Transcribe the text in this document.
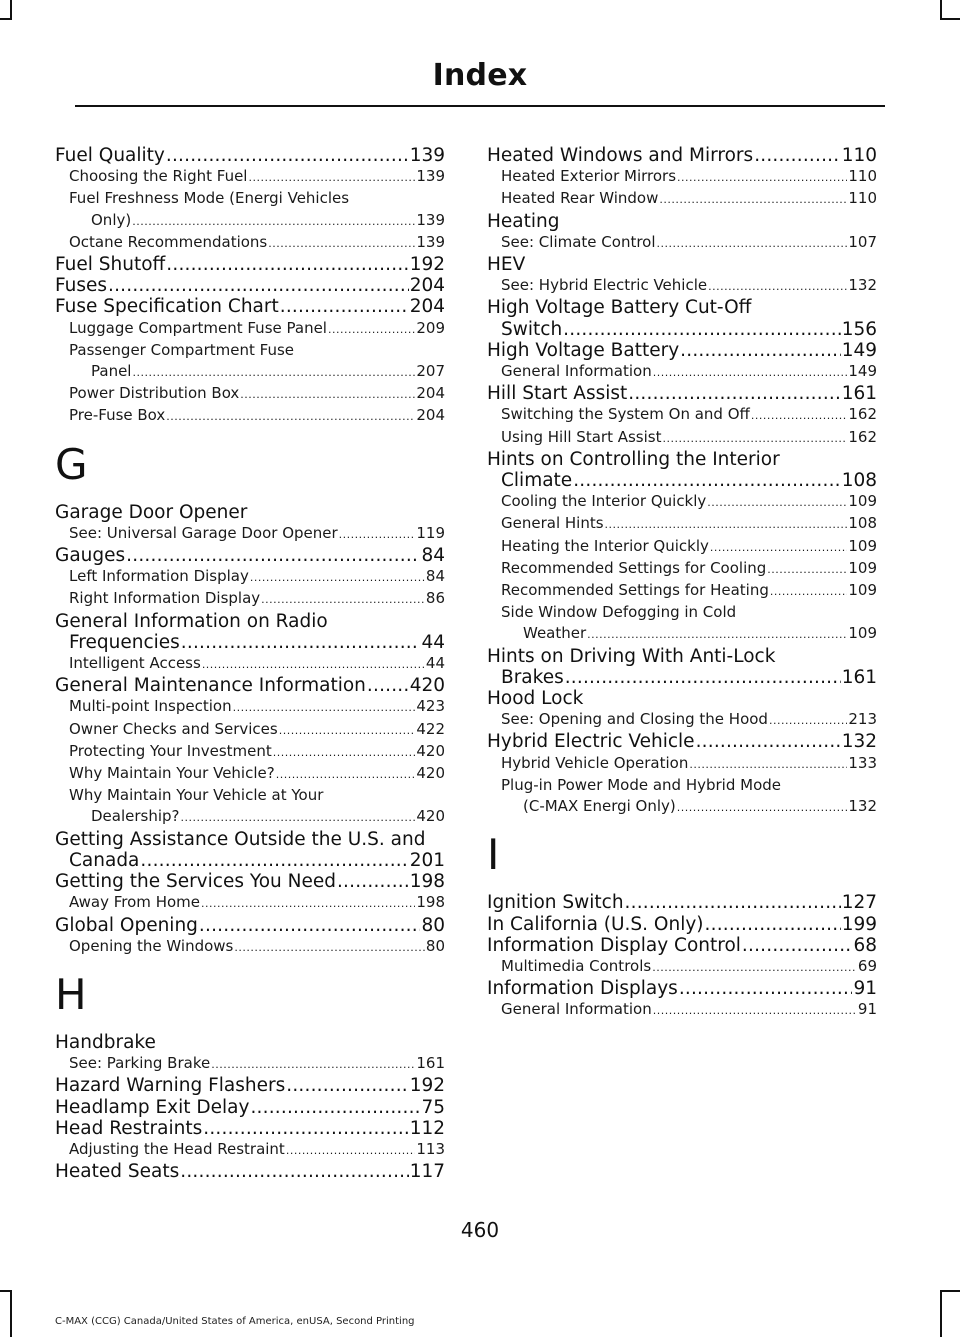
Index
Fuel Quality .....	139
Choosing the Right Fuel .....	139
Fuel Freshness Mode (Energi Vehicles
Only) .....	139
Octane Recommendations .....	139
Fuel Shutoff .....	192
Fuses .....	204
Fuse Specification Chart .....	204
Luggage Compartment Fuse Panel .....	209
Passenger Compartment Fuse
Panel .....	207
Power Distribution Box .....	204
Pre-Fuse Box .....	204
G
Garage Door Opener
See: Universal Garage Door Opener .....	119
Gauges .....	84
Left Information Display .....	84
Right Information Display .....	86
General Information on Radio
Frequencies .....	44
Intelligent Access .....	44
General Maintenance Information ..... 420
Multi-point Inspection .....	423
Owner Checks and Services .....	422
Protecting Your Investment .....	420
Why Maintain Your Vehicle? .....	420
Why Maintain Your Vehicle at Your
Dealership? .....	420
Getting Assistance Outside the U.S. and
Canada .....	201
Getting the Services You Need .....	198
Away From Home .....	198
Global Opening .....	80
Opening the Windows .....	80
H
Handbrake
See: Parking Brake .....	161
Hazard Warning Flashers .....	192
Headlamp Exit Delay .....	75
Head Restraints .....	112
Adjusting the Head Restraint .....	113
Heated Seats .....	117
Heated Windows and Mirrors .....	110
Heated Exterior Mirrors .....	110
Heated Rear Window .....	110
Heating
See: Climate Control .....	107
HEV
See: Hybrid Electric Vehicle .....	132
High Voltage Battery Cut-Off
Switch .....	156
High Voltage Battery .....	149
General Information .....	149
Hill Start Assist .....	161
Switching the System On and Off .....	162
Using Hill Start Assist .....	162
Hints on Controlling the Interior
Climate .....	108
Cooling the Interior Quickly .....	109
General Hints .....	108
Heating the Interior Quickly .....	109
Recommended Settings for Cooling .....	109
Recommended Settings for Heating .....	109
Side Window Defogging in Cold
Weather .....	109
Hints on Driving With Anti-Lock
Brakes .....	161
Hood Lock
See: Opening and Closing the Hood .....	213
Hybrid Electric Vehicle .....	132
Hybrid Vehicle Operation .....	133
Plug-in Power Mode and Hybrid Mode
(C-MAX Energi Only) .....	132
I
Ignition Switch .....	127
In California (U.S. Only) .....	199
Information Display Control .....	68
Multimedia Controls .....	69
Information Displays .....	91
General Information .....	91
460
C-MAX (CCG) Canada/United States of America, enUSA, Second Printing
